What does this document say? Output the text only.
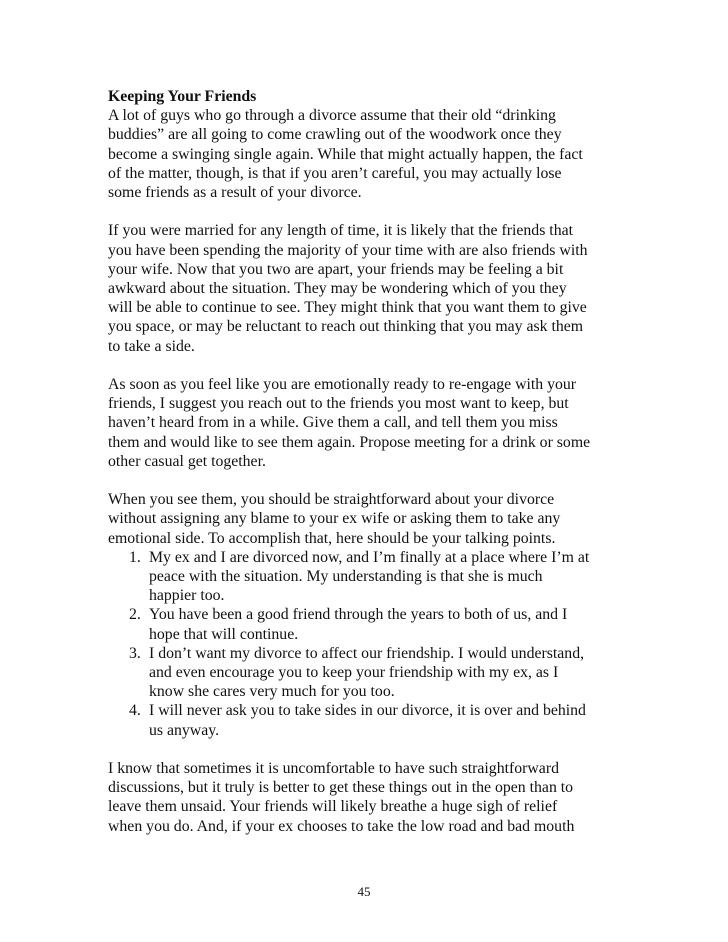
Keeping Your Friends

A lot of guys who go through a divorce assume that their old “drinking
buddies” are all going to come crawling out of the woodwork once they
become a swinging single again. While that might actually happen, the fact
of the matter, though, is that if you aren’t careful, you may actually lose
some friends as a result of your divorce.

If you were married for any length of time, it is likely that the friends that
you have been spending the majority of your time with are also friends with
your wife. Now that you two are apart, your friends may be feeling a bit
awkward about the situation. They may be wondering which of you they
will be able to continue to see. They might think that you want them to give
you space, or may be reluctant to reach out thinking that you may ask them
to take a side.

As soon as you feel like you are emotionally ready to re-engage with your
friends, I suggest you reach out to the friends you most want to keep, but
haven’t heard from in a while. Give them a call, and tell them you miss
them and would like to see them again. Propose meeting for a drink or some
other casual get together.

When you see them, you should be straightforward about your divorce
without assigning any blame to your ex wife or asking them to take any
emotional side. To accomplish that, here should be your talking points.

1. My ex and I are divorced now, and I’m finally at a place where I’m at
peace with the situation. My understanding is that she is much
happier too.
2. You have been a good friend through the years to both of us, and I
hope that will continue.
3. I don’t want my divorce to affect our friendship. I would understand,
and even encourage you to keep your friendship with my ex, as I
know she cares very much for you too.
4. I will never ask you to take sides in our divorce, it is over and behind
us anyway.

I know that sometimes it is uncomfortable to have such straightforward
discussions, but it truly is better to get these things out in the open than to
leave them unsaid. Your friends will likely breathe a huge sigh of relief
when you do. And, if your ex chooses to take the low road and bad mouth

45
